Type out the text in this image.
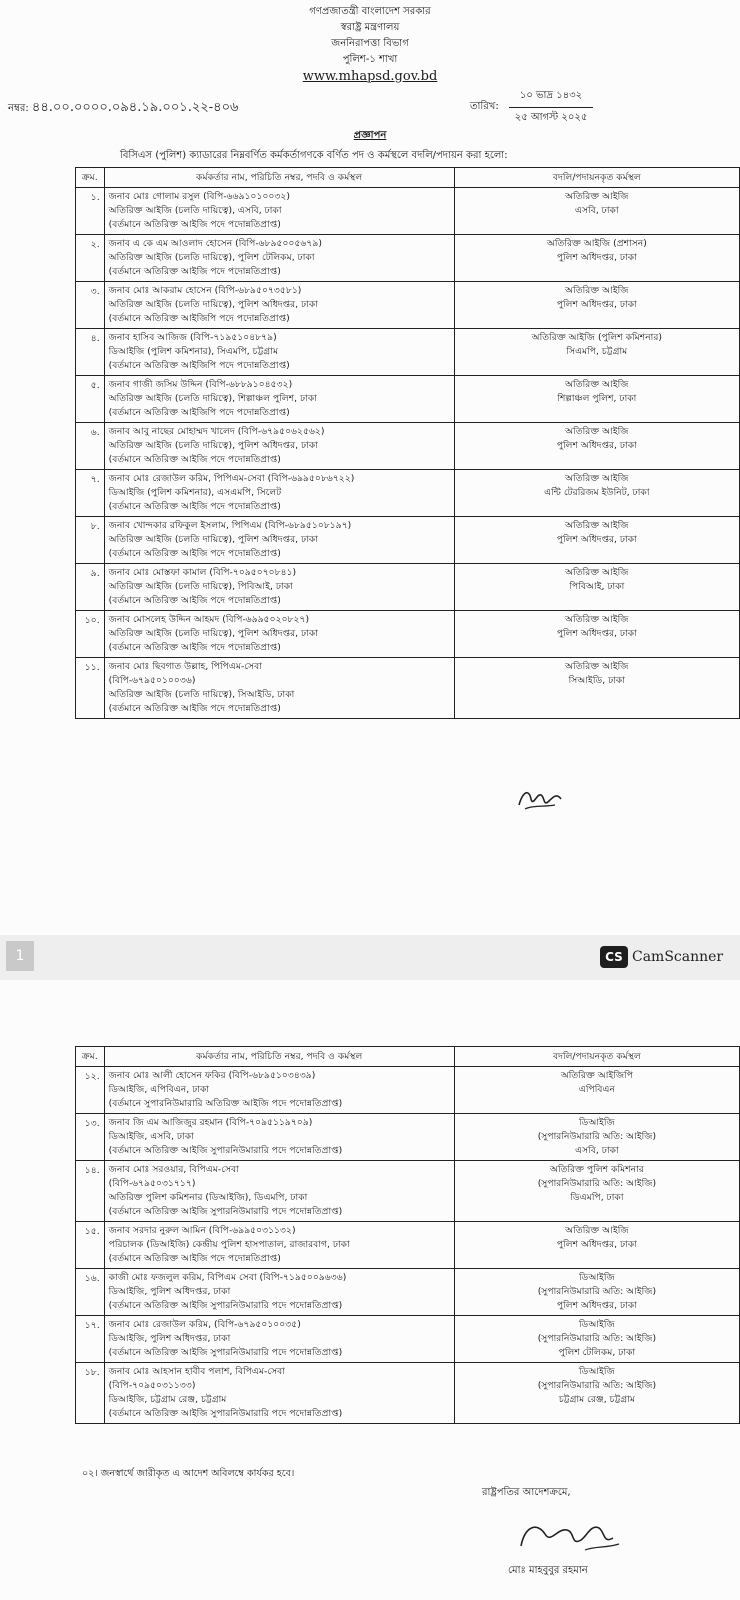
গণপ্রজাতন্ত্রী বাংলাদেশ সরকার
স্বরাষ্ট্র মন্ত্রণালয়
জননিরাপত্তা বিভাগ
পুলিশ-১ শাখা
www.mhapsd.gov.bd
নম্বর: ৪৪.০০.০০০০.০৯৪.১৯.০০১.২২-৪০৬	তারিখ:
১০ ভাদ্র ১৪৩২
২৫ আগস্ট ২০২৫
প্রজ্ঞাপন
বিসিএস (পুলিশ) ক্যাডারের নিম্নবর্ণিত কর্মকর্তাগণকে বর্ণিত পদ ও কর্মস্থলে বদলি/পদায়ন করা হলো:
ক্রম.	কর্মকর্তার নাম, পরিচিতি নম্বর, পদবি ও কর্মস্থল	বদলি/পদায়নকৃত কর্মস্থল
১.	জনাব মোঃ গোলাম রসুল (বিপি-৬৬৯১০১০০৩২)
অতিরিক্ত আইজি (চলতি দায়িত্বে), এসবি, ঢাকা
(বর্তমানে অতিরিক্ত আইজি পদে পদোন্নতিপ্রাপ্ত)	অতিরিক্ত আইজি
এসবি, ঢাকা

২.	জনাব এ কে এম আওলাদ হোসেন (বিপি-৬৮৯৫০০৫৬৭৯)
অতিরিক্ত আইজি (চলতি দায়িত্বে), পুলিশ টেলিকম, ঢাকা
(বর্তমানে অতিরিক্ত আইজি পদে পদোন্নতিপ্রাপ্ত)	অতিরিক্ত আইজি (প্রশাসন)
পুলিশ অধিদপ্তর, ঢাকা

৩.	জনাব মোঃ আকরাম হোসেন (বিপি-৬৮৯৫০৭৩৫৮১)
অতিরিক্ত আইজি (চলতি দায়িত্বে), পুলিশ অধিদপ্তর, ঢাকা
(বর্তমানে অতিরিক্ত আইজিপি পদে পদোন্নতিপ্রাপ্ত)	অতিরিক্ত আইজি
পুলিশ অধিদপ্তর, ঢাকা

৪.	জনাব হাসিব আজিজ (বিপি-৭১৯৫১০৪৮৭৯)
ডিআইজি (পুলিশ কমিশনার), সিএমপি, চট্টগ্রাম
(বর্তমানে অতিরিক্ত আইজিপি পদে পদোন্নতিপ্রাপ্ত)	অতিরিক্ত আইজি (পুলিশ কমিশনার)
সিএমপি, চট্টগ্রাম

৫.	জনাব গাজী জসিম উদ্দিন (বিপি-৬৮৮৯১০৪৫৩২)
অতিরিক্ত আইজি (চলতি দায়িত্বে), শিল্পাঞ্চল পুলিশ, ঢাকা
(বর্তমানে অতিরিক্ত আইজিপি পদে পদোন্নতিপ্রাপ্ত)	অতিরিক্ত আইজি
শিল্পাঞ্চল পুলিশ, ঢাকা

৬.	জনাব আবু নাছের মোহাম্মদ খালেদ (বিপি-৬৭৯৫০৬২৫৬২)
অতিরিক্ত আইজি (চলতি দায়িত্বে), পুলিশ অধিদপ্তর, ঢাকা
(বর্তমানে অতিরিক্ত আইজি পদে পদোন্নতিপ্রাপ্ত)	অতিরিক্ত আইজি
পুলিশ অধিদপ্তর, ঢাকা

৭.	জনাব মোঃ রেজাউল করিম, পিপিএম-সেবা (বিপি-৬৯৯৫০৮৬৭২২)
ডিআইজি (পুলিশ কমিশনার), এসএমপি, সিলেট
(বর্তমানে অতিরিক্ত আইজি পদে পদোন্নতিপ্রাপ্ত)	অতিরিক্ত আইজি
এন্টি টেররিজম ইউনিট, ঢাকা

৮.	জনাব খোন্দকার রফিকুল ইসলাম, পিপিএম (বিপি-৬৮৯৫১০৮১৯৭)
অতিরিক্ত আইজি (চলতি দায়িত্বে), পুলিশ অধিদপ্তর, ঢাকা
(বর্তমানে অতিরিক্ত আইজি পদে পদোন্নতিপ্রাপ্ত)	অতিরিক্ত আইজি
পুলিশ অধিদপ্তর, ঢাকা

৯.	জনাব মোঃ মোস্তফা কামাল (বিপি-৭০৯৫০৭০৮৪১)
অতিরিক্ত আইজি (চলতি দায়িত্বে), পিবিআই, ঢাকা
(বর্তমানে অতিরিক্ত আইজি পদে পদোন্নতিপ্রাপ্ত)	অতিরিক্ত আইজি
পিবিআই, ঢাকা

১০.	জনাব মোসলেহ উদ্দিন আহমদ (বিপি-৬৯৯৫০২০৮২৭)
অতিরিক্ত আইজি (চলতি দায়িত্বে), পুলিশ অধিদপ্তর, ঢাকা
(বর্তমানে অতিরিক্ত আইজি পদে পদোন্নতিপ্রাপ্ত)	অতিরিক্ত আইজি
পুলিশ অধিদপ্তর, ঢাকা

১১.	জনাব মোঃ ছিবগাত উল্লাহ, পিপিএম-সেবা
(বিপি-৬৭৯৫০১০০৩৬)
অতিরিক্ত আইজি (চলতি দায়িত্বে), সিআইডি, ঢাকা
(বর্তমানে অতিরিক্ত আইজি পদে পদোন্নতিপ্রাপ্ত)	অতিরিক্ত আইজি
সিআইডি, ঢাকা
1	CS CamScanner
ক্রম.	কর্মকর্তার নাম, পরিচিতি নম্বর, পদবি ও কর্মস্থল	বদলি/পদায়নকৃত কর্মস্থল
১২.	জনাব মোঃ আলী হোসেন ফকির (বিপি-৬৮৯৫১০৩৪৩৯)
ডিআইজি, এপিবিএন, ঢাকা
(বর্তমানে সুপারনিউমারারি অতিরিক্ত আইজি পদে পদোন্নতিপ্রাপ্ত)	অতিরিক্ত আইজিপি
এপিবিএন

১৩.	জনাব জি এম আজিজুর রহমান (বিপি-৭০৯৫১১৯৭০৯)
ডিআইজি, এসবি, ঢাকা
(বর্তমানে অতিরিক্ত আইজি সুপারনিউমারারি পদে পদোন্নতিপ্রাপ্ত)	ডিআইজি
(সুপারনিউমারারি অতি: আইজি)
এসবি, ঢাকা

১৪.	জনাব মোঃ সরওয়ার, বিপিএম-সেবা
(বিপি-৬৭৯৫০৩১৭১৭)
অতিরিক্ত পুলিশ কমিশনার (ডিআইজি), ডিএমপি, ঢাকা
(বর্তমানে অতিরিক্ত আইজি সুপারনিউমারারি পদে পদোন্নতিপ্রাপ্ত)	অতিরিক্ত পুলিশ কমিশনার
(সুপারনিউমারারি অতি: আইজি)
ডিএমপি, ঢাকা

১৫.	জনাব সরদার নুরুল আমিন (বিপি-৬৯৯৫০৩১১৩২)
পরিচালক (ডিআইজি) কেন্দ্রীয় পুলিশ হাসপাতাল, রাজারবাগ, ঢাকা
(বর্তমানে অতিরিক্ত আইজি পদে পদোন্নতিপ্রাপ্ত)	অতিরিক্ত আইজি
পুলিশ অধিদপ্তর, ঢাকা

১৬.	কাজী মোঃ ফজলুল করিম, বিপিএম সেবা (বিপি-৭১৯৫০০৯৬৩৬)
ডিআইজি, পুলিশ অধিদপ্তর, ঢাকা
(বর্তমানে অতিরিক্ত আইজি সুপারনিউমারারি পদে পদোন্নতিপ্রাপ্ত)	ডিআইজি
(সুপারনিউমারারি অতি: আইজি)
পুলিশ অধিদপ্তর, ঢাকা

১৭.	জনাব মোঃ রেজাউল করিম, (বিপি-৬৭৯৫০১০০৩৫)
ডিআইজি, পুলিশ অধিদপ্তর, ঢাকা
(বর্তমানে অতিরিক্ত আইজি সুপারনিউমারারি পদে পদোন্নতিপ্রাপ্ত)	ডিআইজি
(সুপারনিউমারারি অতি: আইজি)
পুলিশ টেলিকম, ঢাকা

১৮.	জনাব মোঃ আহসান হাবীব পলাশ, বিপিএম-সেবা
(বিপি-৭০৯৫০৩১১৩৩)
ডিআইজি, চট্টগ্রাম রেঞ্জ, চট্টগ্রাম
(বর্তমানে অতিরিক্ত আইজি সুপারনিউমারারি পদে পদোন্নতিপ্রাপ্ত)	ডিআইজি
(সুপারনিউমারারি অতি: আইজি)
চট্টগ্রাম রেঞ্জ, চট্টগ্রাম
০২। জনস্বার্থে জারীকৃত এ আদেশ অবিলম্বে কার্যকর হবে।
রাষ্ট্রপতির আদেশক্রমে,
মোঃ মাহবুবুর রহমান
